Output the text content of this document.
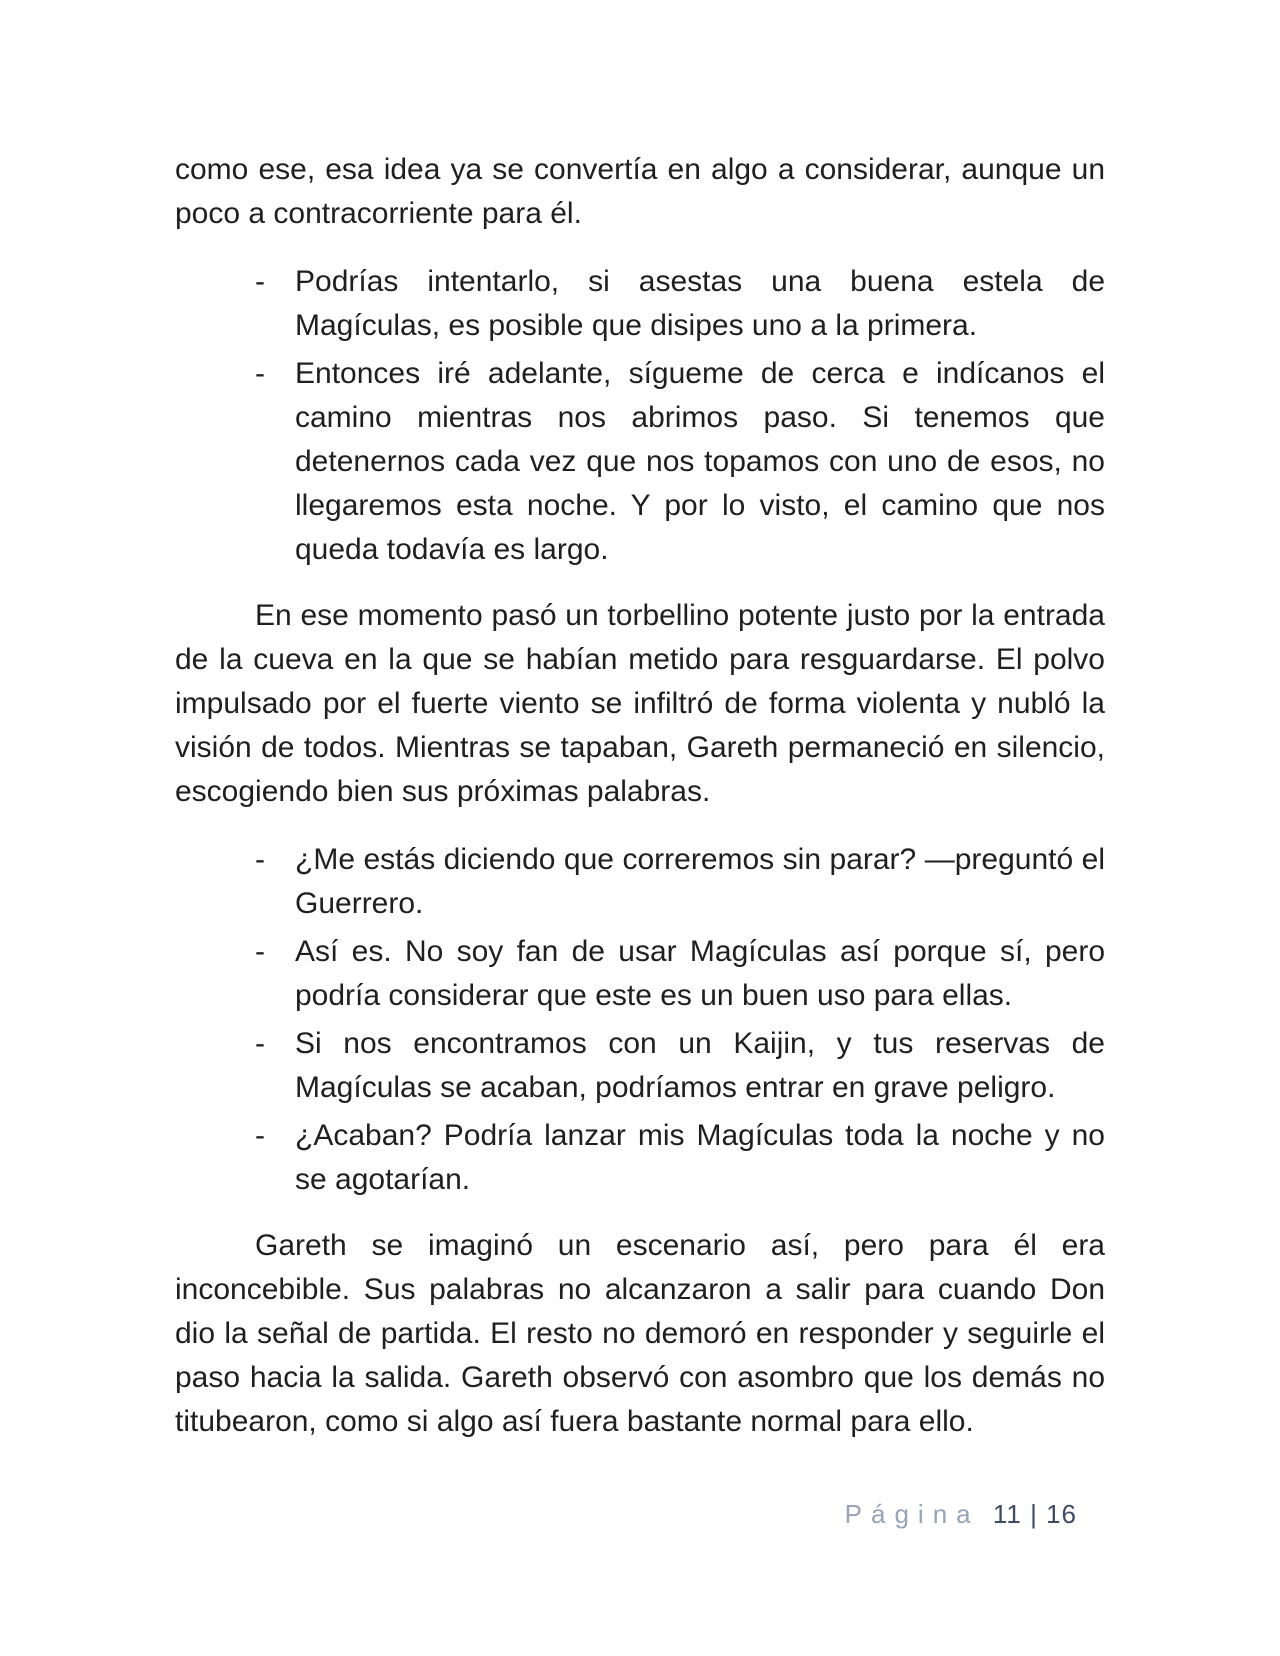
como ese, esa idea ya se convertía en algo a considerar, aunque un poco a contracorriente para él.

-	Podrías intentarlo, si asestas una buena estela de Magículas, es posible que disipes uno a la primera.
-	Entonces iré adelante, sígueme de cerca e indícanos el camino mientras nos abrimos paso. Si tenemos que detenernos cada vez que nos topamos con uno de esos, no llegaremos esta noche. Y por lo visto, el camino que nos queda todavía es largo.

En ese momento pasó un torbellino potente justo por la entrada de la cueva en la que se habían metido para resguardarse. El polvo impulsado por el fuerte viento se infiltró de forma violenta y nubló la visión de todos. Mientras se tapaban, Gareth permaneció en silencio, escogiendo bien sus próximas palabras.

-	¿Me estás diciendo que correremos sin parar? —preguntó el Guerrero.
-	Así es. No soy fan de usar Magículas así porque sí, pero podría considerar que este es un buen uso para ellas.
-	Si nos encontramos con un Kaijin, y tus reservas de Magículas se acaban, podríamos entrar en grave peligro.
-	¿Acaban? Podría lanzar mis Magículas toda la noche y no se agotarían.

Gareth se imaginó un escenario así, pero para él era inconcebible. Sus palabras no alcanzaron a salir para cuando Don dio la señal de partida. El resto no demoró en responder y seguirle el paso hacia la salida. Gareth observó con asombro que los demás no titubearon, como si algo así fuera bastante normal para ello.

Página 11 | 16
